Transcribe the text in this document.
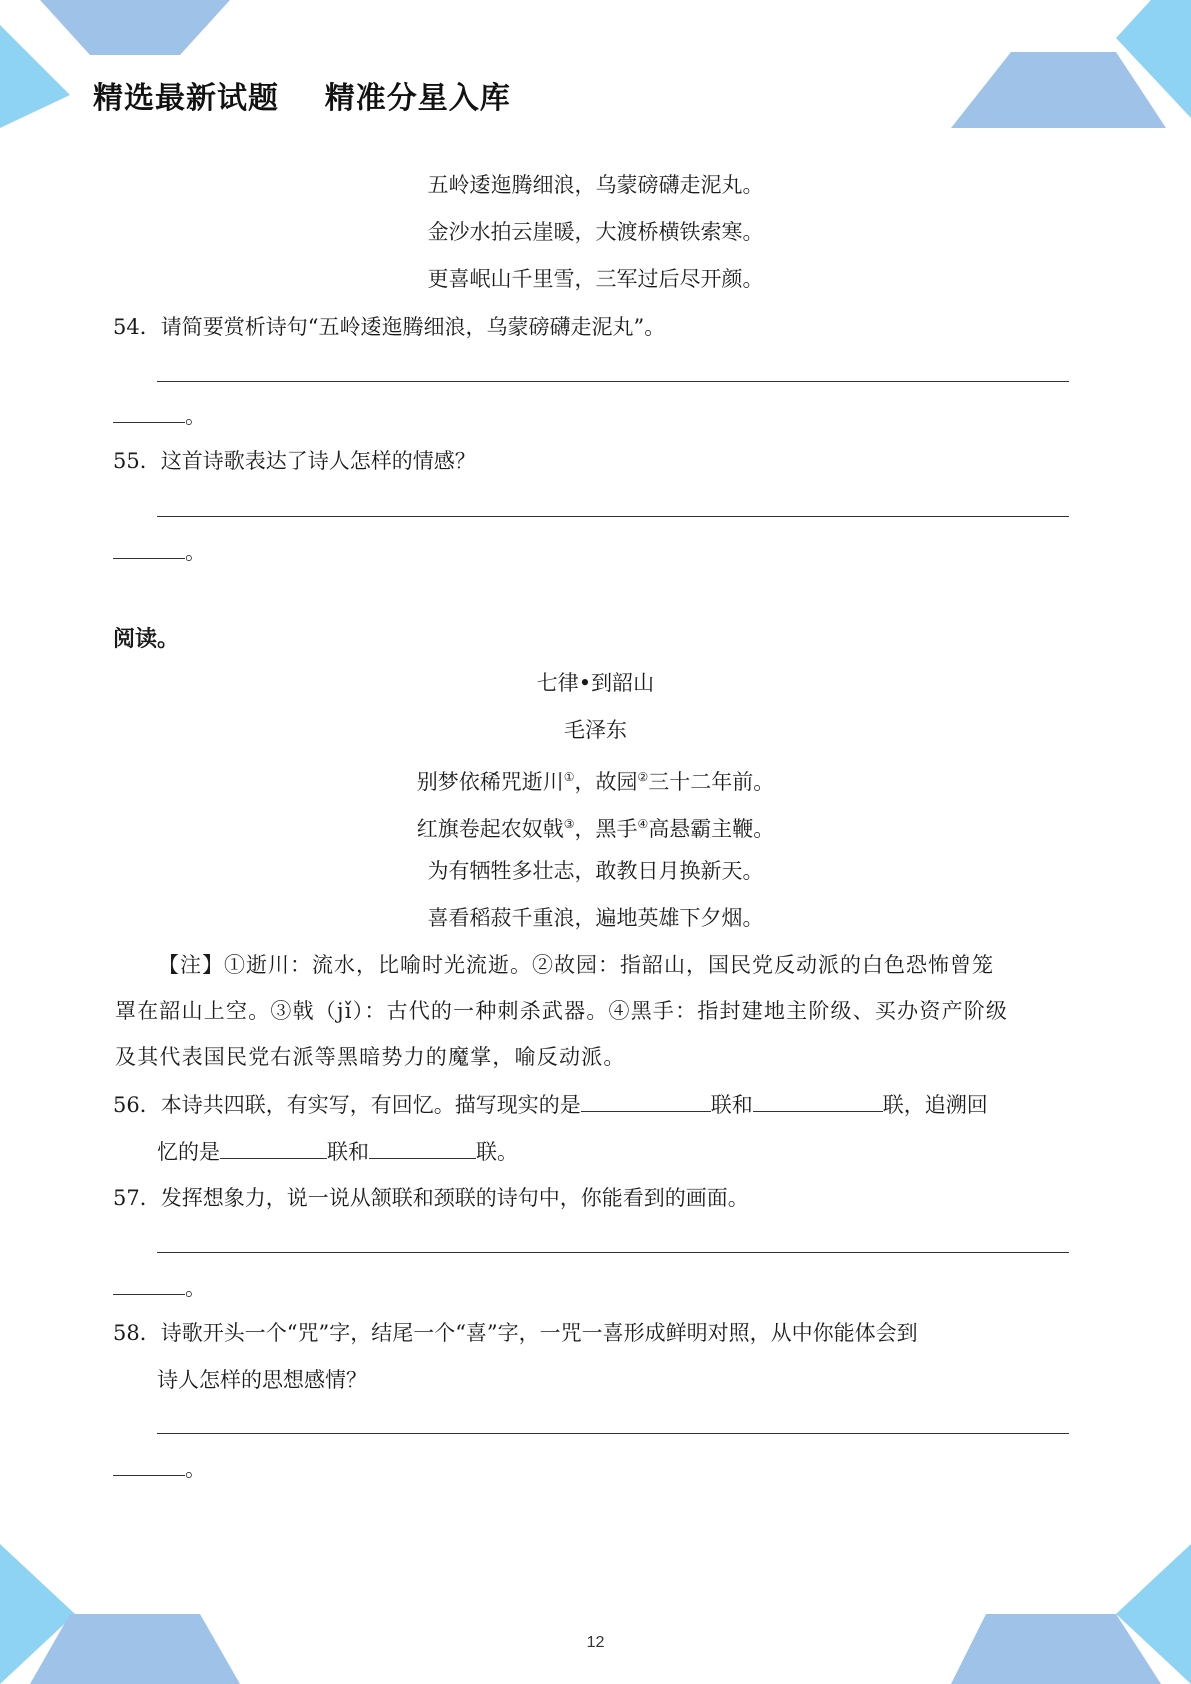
精选最新试题    精准分星入库
五岭逶迤腾细浪，乌蒙磅礴走泥丸。
金沙水拍云崖暖，大渡桥横铁索寒。
更喜岷山千里雪，三军过后尽开颜。
54．请简要赏析诗句“五岭逶迤腾细浪，乌蒙磅礴走泥丸”。
。
55．这首诗歌表达了诗人怎样的情感？
。
阅读。
七律•到韶山
毛泽东
别梦依稀咒逝川①，故园②三十二年前。
红旗卷起农奴戟③，黑手④高悬霸主鞭。
为有牺牲多壮志，敢教日月换新天。
喜看稻菽千重浪，遍地英雄下夕烟。
【注】①逝川：流水，比喻时光流逝。②故园：指韶山，国民党反动派的白色恐怖曾笼
罩在韶山上空。③戟（jǐ）：古代的一种刺杀武器。④黑手：指封建地主阶级、买办资产阶级
及其代表国民党右派等黑暗势力的魔掌，喻反动派。
56．本诗共四联，有实写，有回忆。描写现实的是	联和	联，追溯回
忆的是	联和	联。
57．发挥想象力，说一说从颔联和颈联的诗句中，你能看到的画面。
。
58．诗歌开头一个“咒”字，结尾一个“喜”字，一咒一喜形成鲜明对照，从中你能体会到
诗人怎样的思想感情？
。
12
